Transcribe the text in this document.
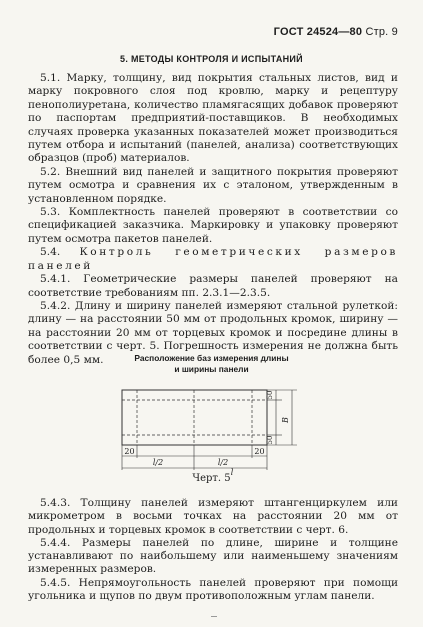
ГОСТ 24524—80 Стр. 9
5. МЕТОДЫ КОНТРОЛЯ И ИСПЫТАНИЙ

5.1. Марку, толщину, вид покрытия стальных листов, вид и марку покровного слоя под кровлю, марку и рецептуру пенополиуретана, количество пламягасящих добавок проверяют по паспортам предприятий-поставщиков. В необходимых случаях проверка указанных показателей может производиться путем отбора и испытаний (панелей, анализа) соответствующих образцов (проб) материалов.

5.2. Внешний вид панелей и защитного покрытия проверяют путем осмотра и сравнения их с эталоном, утвержденным в установленном порядке.

5.3. Комплектность панелей проверяют в соответствии со спецификацией заказчика. Маркировку и упаковку проверяют путем осмотра пакетов панелей.

5.4. Контроль геометрических размеров панелей

5.4.1. Геометрические размеры панелей проверяют на соответствие требованиям пп. 2.3.1—2.3.5.

5.4.2. Длину и ширину панелей измеряют стальной рулеткой: длину — на расстоянии 50 мм от продольных кромок, ширину — на расстоянии 20 мм от торцевых кромок и посредине длины в соответствии с черт. 5. Погрешность измерения не должна быть более 0,5 мм.	Расположение баз измерения длины
и ширины панели
20	20
l/2	l/2
l
50
50
B
Черт. 5

5.4.3. Толщину панелей измеряют штангенциркулем или микрометром в восьми точках на расстоянии 20 мм от продольных и торцевых кромок в соответствии с черт. 6.

5.4.4. Размеры панелей по длине, ширине и толщине устанавливают по наибольшему или наименьшему значениям измеренных размеров.

5.4.5. Непрямоугольность панелей проверяют при помощи угольника и щупов по двум противоположным углам панели.
